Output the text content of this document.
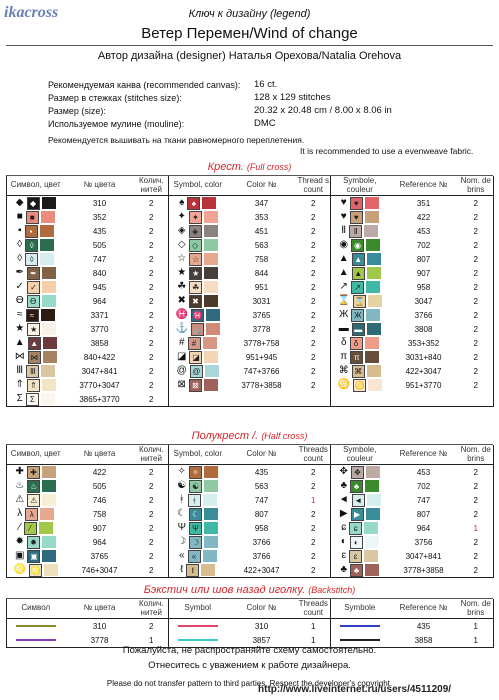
ikacross	Ключ к дизайну (legend)
Ветер Перемен/Wind of change
Автор дизайна (designer) Наталья Орехова/Natalia Orehova
Рекомендуемая канва (recommended canvas): 16 ct.
Размер в стежках (stitches size):	128 x 129 stitches
Размер (size):	20.32 x 20.48 cm / 8.00 x 8.06 in
Используемое мулине (mouline):	DMC
Рекомендуется вышивать на ткани равномерного переплетения.
It is recommended to use a evenweave fabric.
Крест. (Full cross)
Символ, цвет	№ цвета	Колич. нитей	Symbol, color	Color №	Thread s count	Symbole, couleur	Reference №	Nom. de brins
◆ ◆	310	2	♠ ♠	347	2	♥ ♥	351	2
■ ■	352	2	✦ ✦	353	2	♥ ♥	422	2
▪ ▪	435	2	◈ ◈	451	2	Ⅱ Ⅱ	453	2
◊ ◊	505	2	◇ ◇	563	2	◉ ◉	702	2
◊ ◊	747	2	☆ ☆	758	2	▲ ▲	807	2
✒ ✒	840	2	★ ★	844	2	▲ ▲	907	2
✓ ✓	945	2	☘ ☘	951	2	↗ ↗	958	2
ϴ ϴ	964	2	✖ ✖	3031	2	⌛ ⌛	3047	2
≈ ≈	3371	2	♓ ♓	3765	2	Ж Ж	3766	2
★ ★	3770	2	⚓ ⚓	3778	2	▬ ▬	3808	2
▲ ▲	3858	2	# #	3778+758	2	δ δ	353+352	2
⋈ ⋈	840+422	2	◪ ◪	951+945	2	π π	3031+840	2
Ⅲ Ⅲ	3047+841	2	@ @	747+3766	2	⌘ ⌘	422+3047	2
⇑ ⇑	3770+3047	2	⊠ ⊠	3778+3858	2	♋ ♋	951+3770	2
Σ Σ	3865+3770	2						
Полукрест /. (Half cross)
Символ, цвет	№ цвета	Колич. нитей	Symbol, color	Color №	Threads count	Symbole, couleur	Reference №	Nom. de brins
✚ ✚	422	2	✧ ✧	435	2	✥ ✥	453	2
♨ ♨	505	2	☯ ☯	563	2	♣ ♣	702	2
⚠ ⚠	746	2	ᚼ ᚼ	747	1	◄ ◄	747	2
λ λ	758	2	☾ ☾	807	2	▶ ▶	807	2
⁄ ⁄	907	2	Ψ Ψ	958	2	ɕ ɕ	964	1
✹ ✹	964	2	☽ ☽	3766	2	◐ ◐	3756	2
▣ ▣	3765	2	« «	3766	2	ɛ ɛ	3047+841	2
♌ ♌	746+3047	2	ℓ ℓ	422+3047	2	♣ ♣	3778+3858	2
Бэкстич или шов назад иголку. (Backstitch)
Символ	№ цвета	Колич. нитей	Symbol	Color №	Threads count	Symbole	Reference №	Nom. de brins
	310	2		310	1		435	1
	3778	1		3857	1		3858	1
Пожалуйста, не распространяйте схему самостоятельно.
Отнеситесь с уважением к работе дизайнера.
Please do not transfer pattern to third parties. Respect the developer's copyright.
http://www.liveinternet.ru/users/4511209/
